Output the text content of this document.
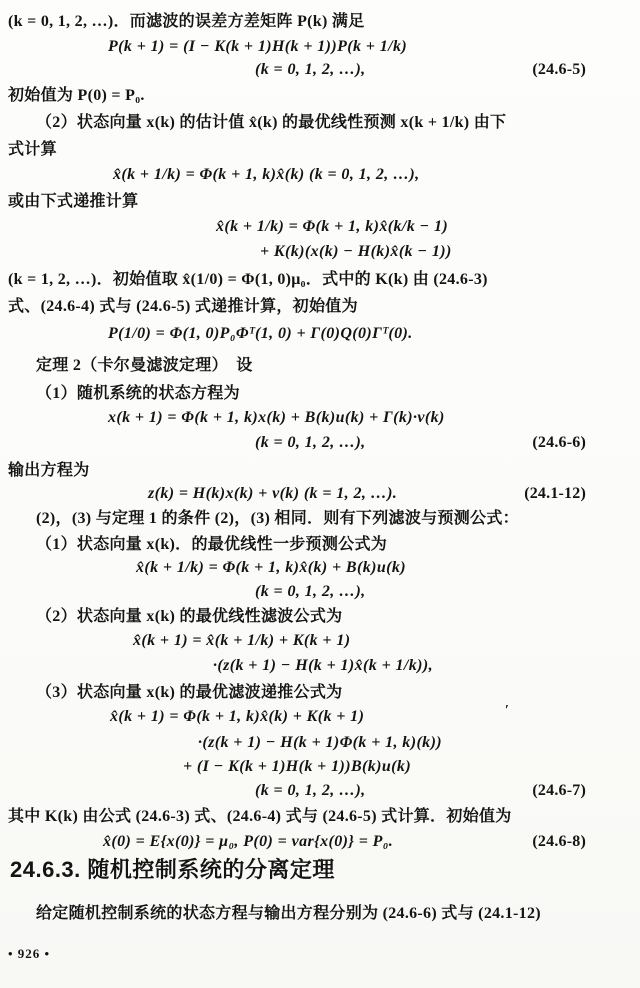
(k = 0, 1, 2, …)．而滤波的误差方差矩阵 P(k) 满足
P(k + 1) = (I − K(k + 1)H(k + 1))P(k + 1/k)
(k = 0, 1, 2, …),	(24.6-5)
初始值为 P(0) = P₀.
（2）状态向量 x(k) 的估计值 x̂(k) 的最优线性预测 x(k + 1/k) 由下
式计算
x̂(k + 1/k) = Φ(k + 1, k)x̂(k) (k = 0, 1, 2, …),
或由下式递推计算
x̂(k + 1/k) = Φ(k + 1, k)x̂(k/k − 1)
+ K(k)(x(k) − H(k)x̂(k − 1))
(k = 1, 2, …)．初始值取 x̂(1/0) = Φ(1, 0)μ₀．式中的 K(k) 由 (24.6-3)
式、(24.6-4) 式与 (24.6-5) 式递推计算，初始值为
P(1/0) = Φ(1, 0)P₀Φᵀ(1, 0) + Γ(0)Q(0)Γᵀ(0).
定理 2（卡尔曼滤波定理）　设
（1）随机系统的状态方程为
x(k + 1) = Φ(k + 1, k)x(k) + B(k)u(k) + Γ(k)·v(k)
(k = 0, 1, 2, …),	(24.6-6)
输出方程为
z(k) = H(k)x(k) + v(k) (k = 1, 2, …).	(24.1-12)
(2)，(3) 与定理 1 的条件 (2)，(3) 相同．则有下列滤波与预测公式：
（1）状态向量 x(k)．的最优线性一步预测公式为
x̂(k + 1/k) = Φ(k + 1, k)x̂(k) + B(k)u(k)
(k = 0, 1, 2, …),
（2）状态向量 x(k) 的最优线性滤波公式为
x̂(k + 1) = x̂(k + 1/k) + K(k + 1)
·(z(k + 1) − H(k + 1)x̂(k + 1/k)),
（3）状态向量 x(k) 的最优滤波递推公式为
x̂(k + 1) = Φ(k + 1, k)x̂(k) + K(k + 1)	′
·(z(k + 1) − H(k + 1)Φ(k + 1, k)(k))
+ (I − K(k + 1)H(k + 1))B(k)u(k)
(k = 0, 1, 2, …),	(24.6-7)
其中 K(k) 由公式 (24.6-3) 式、(24.6-4) 式与 (24.6-5) 式计算．初始值为
x̂(0) = E{x(0)} = μ₀, P(0) = var{x(0)} = P₀.	(24.6-8)
24.6.3. 随机控制系统的分离定理
给定随机控制系统的状态方程与输出方程分别为 (24.6-6) 式与 (24.1-12)
• 926 •
